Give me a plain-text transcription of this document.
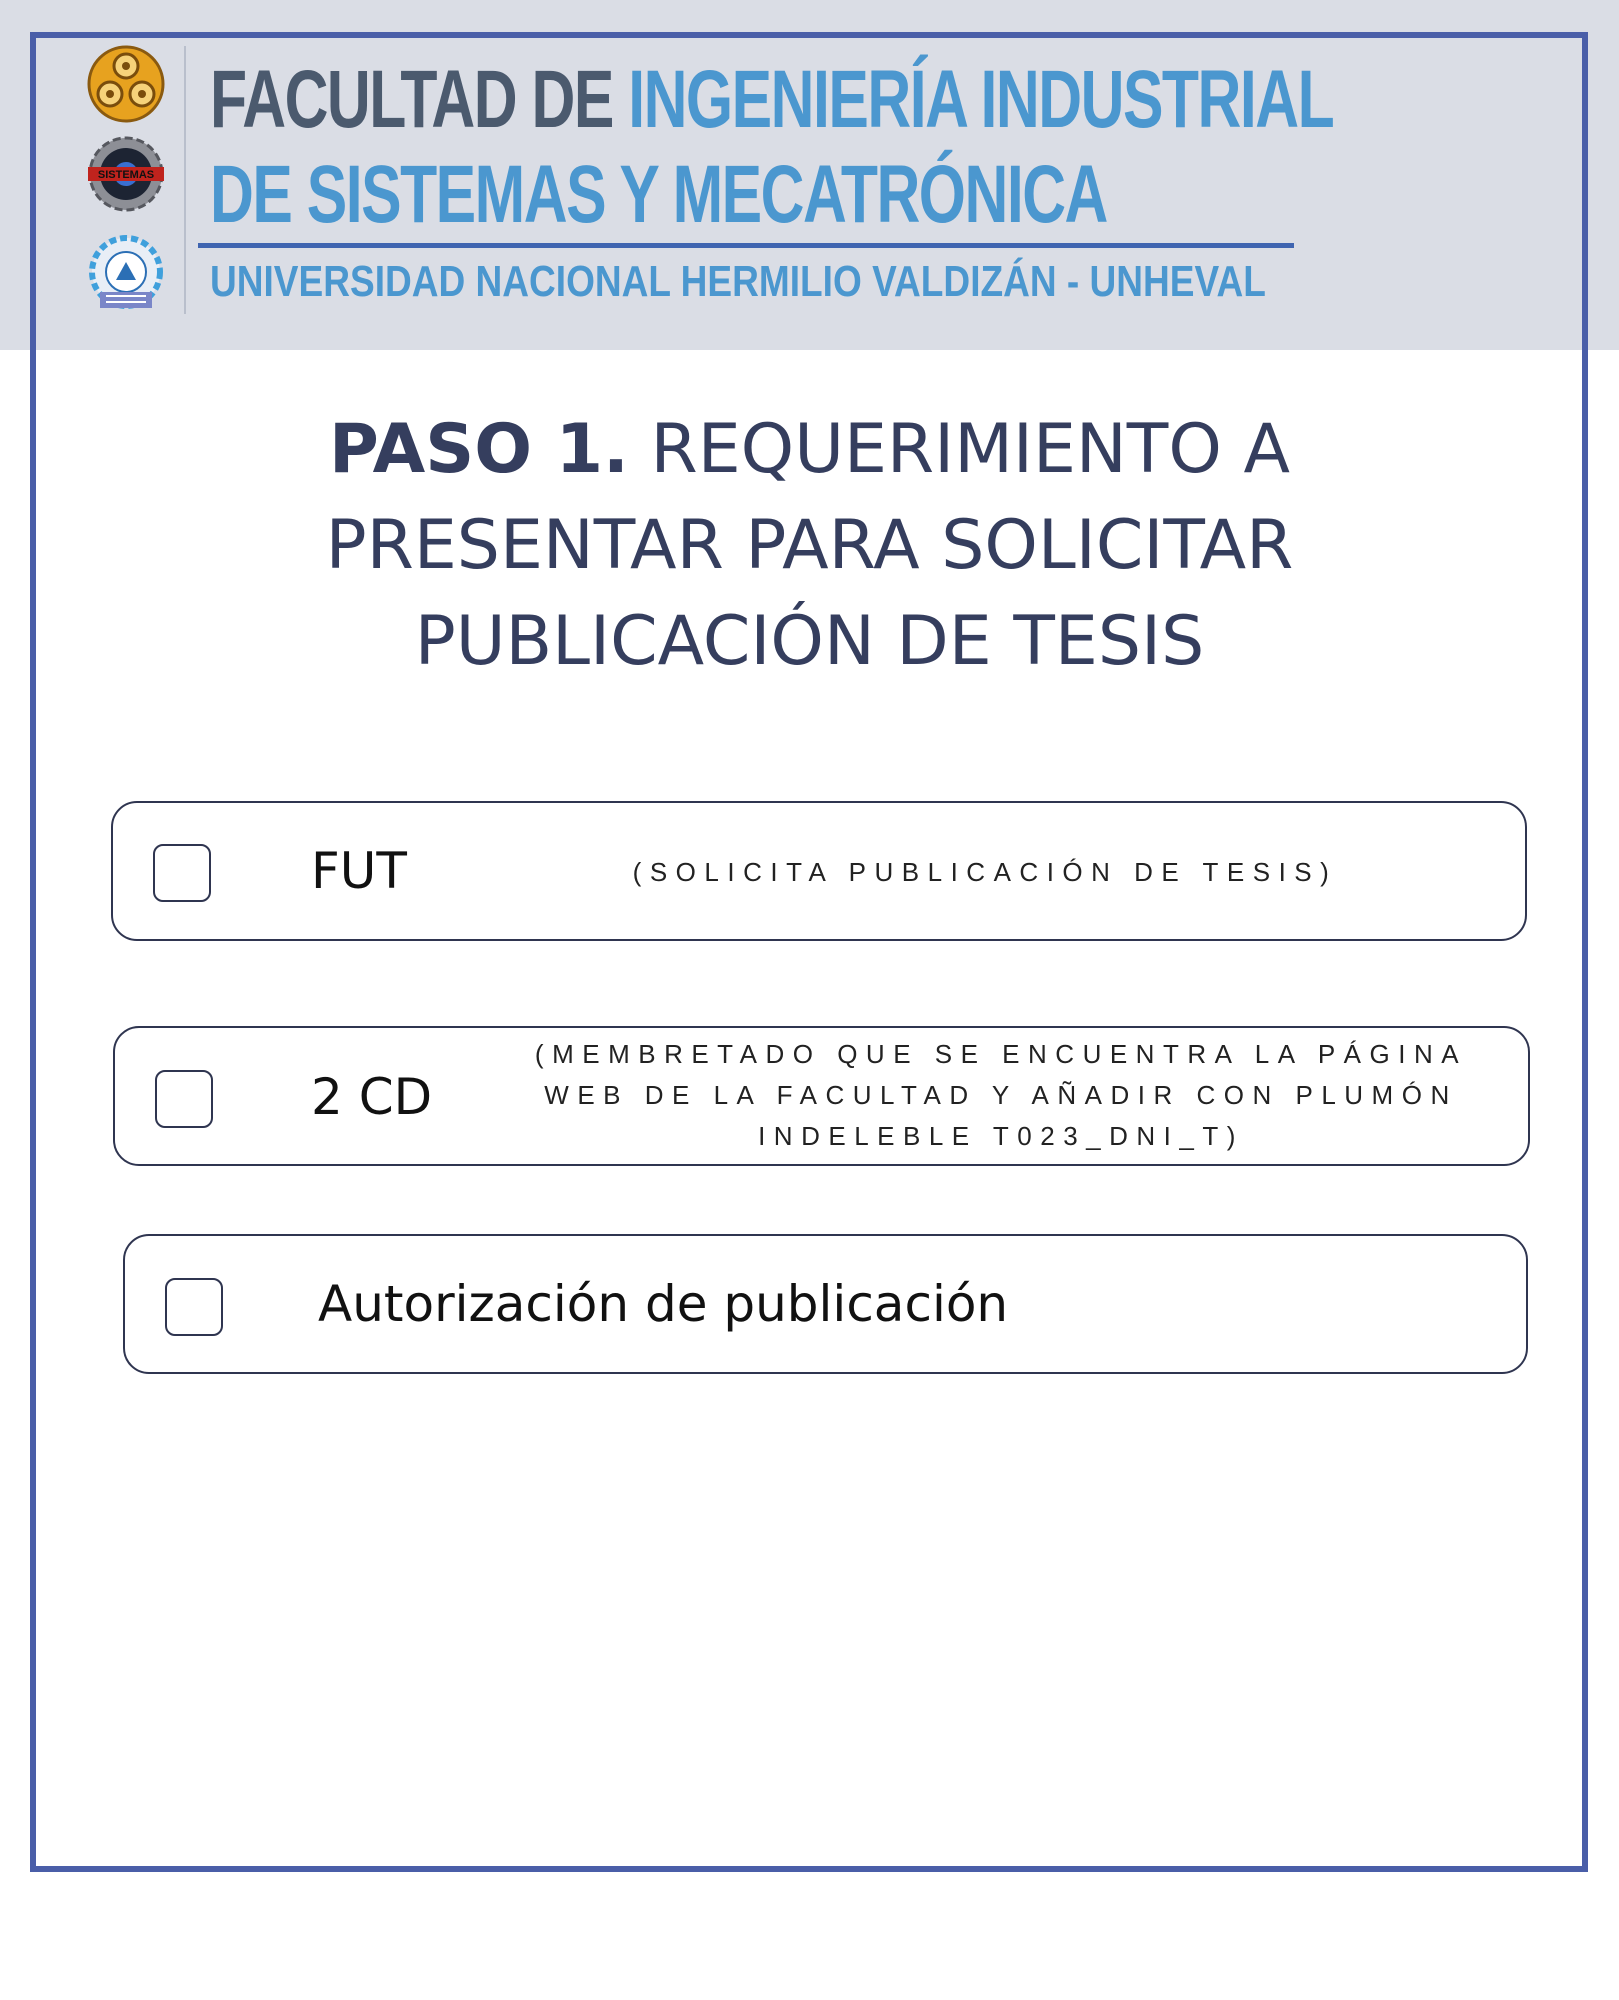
SISTEMAS
FACULTAD DE INGENIERÍA INDUSTRIAL
DE SISTEMAS Y MECATRÓNICA

UNIVERSIDAD NACIONAL HERMILIO VALDIZÁN - UNHEVAL

PASO 1. REQUERIMIENTO A
PRESENTAR PARA SOLICITAR
PUBLICACIÓN DE TESIS

FUT	(SOLICITA PUBLICACIÓN DE TESIS)

2 CD

(MEMBRETADO QUE SE ENCUENTRA LA PÁGINA WEB DE LA FACULTAD Y AÑADIR CON PLUMÓN INDELEBLE T023_DNI_T)

Autorización de publicación
